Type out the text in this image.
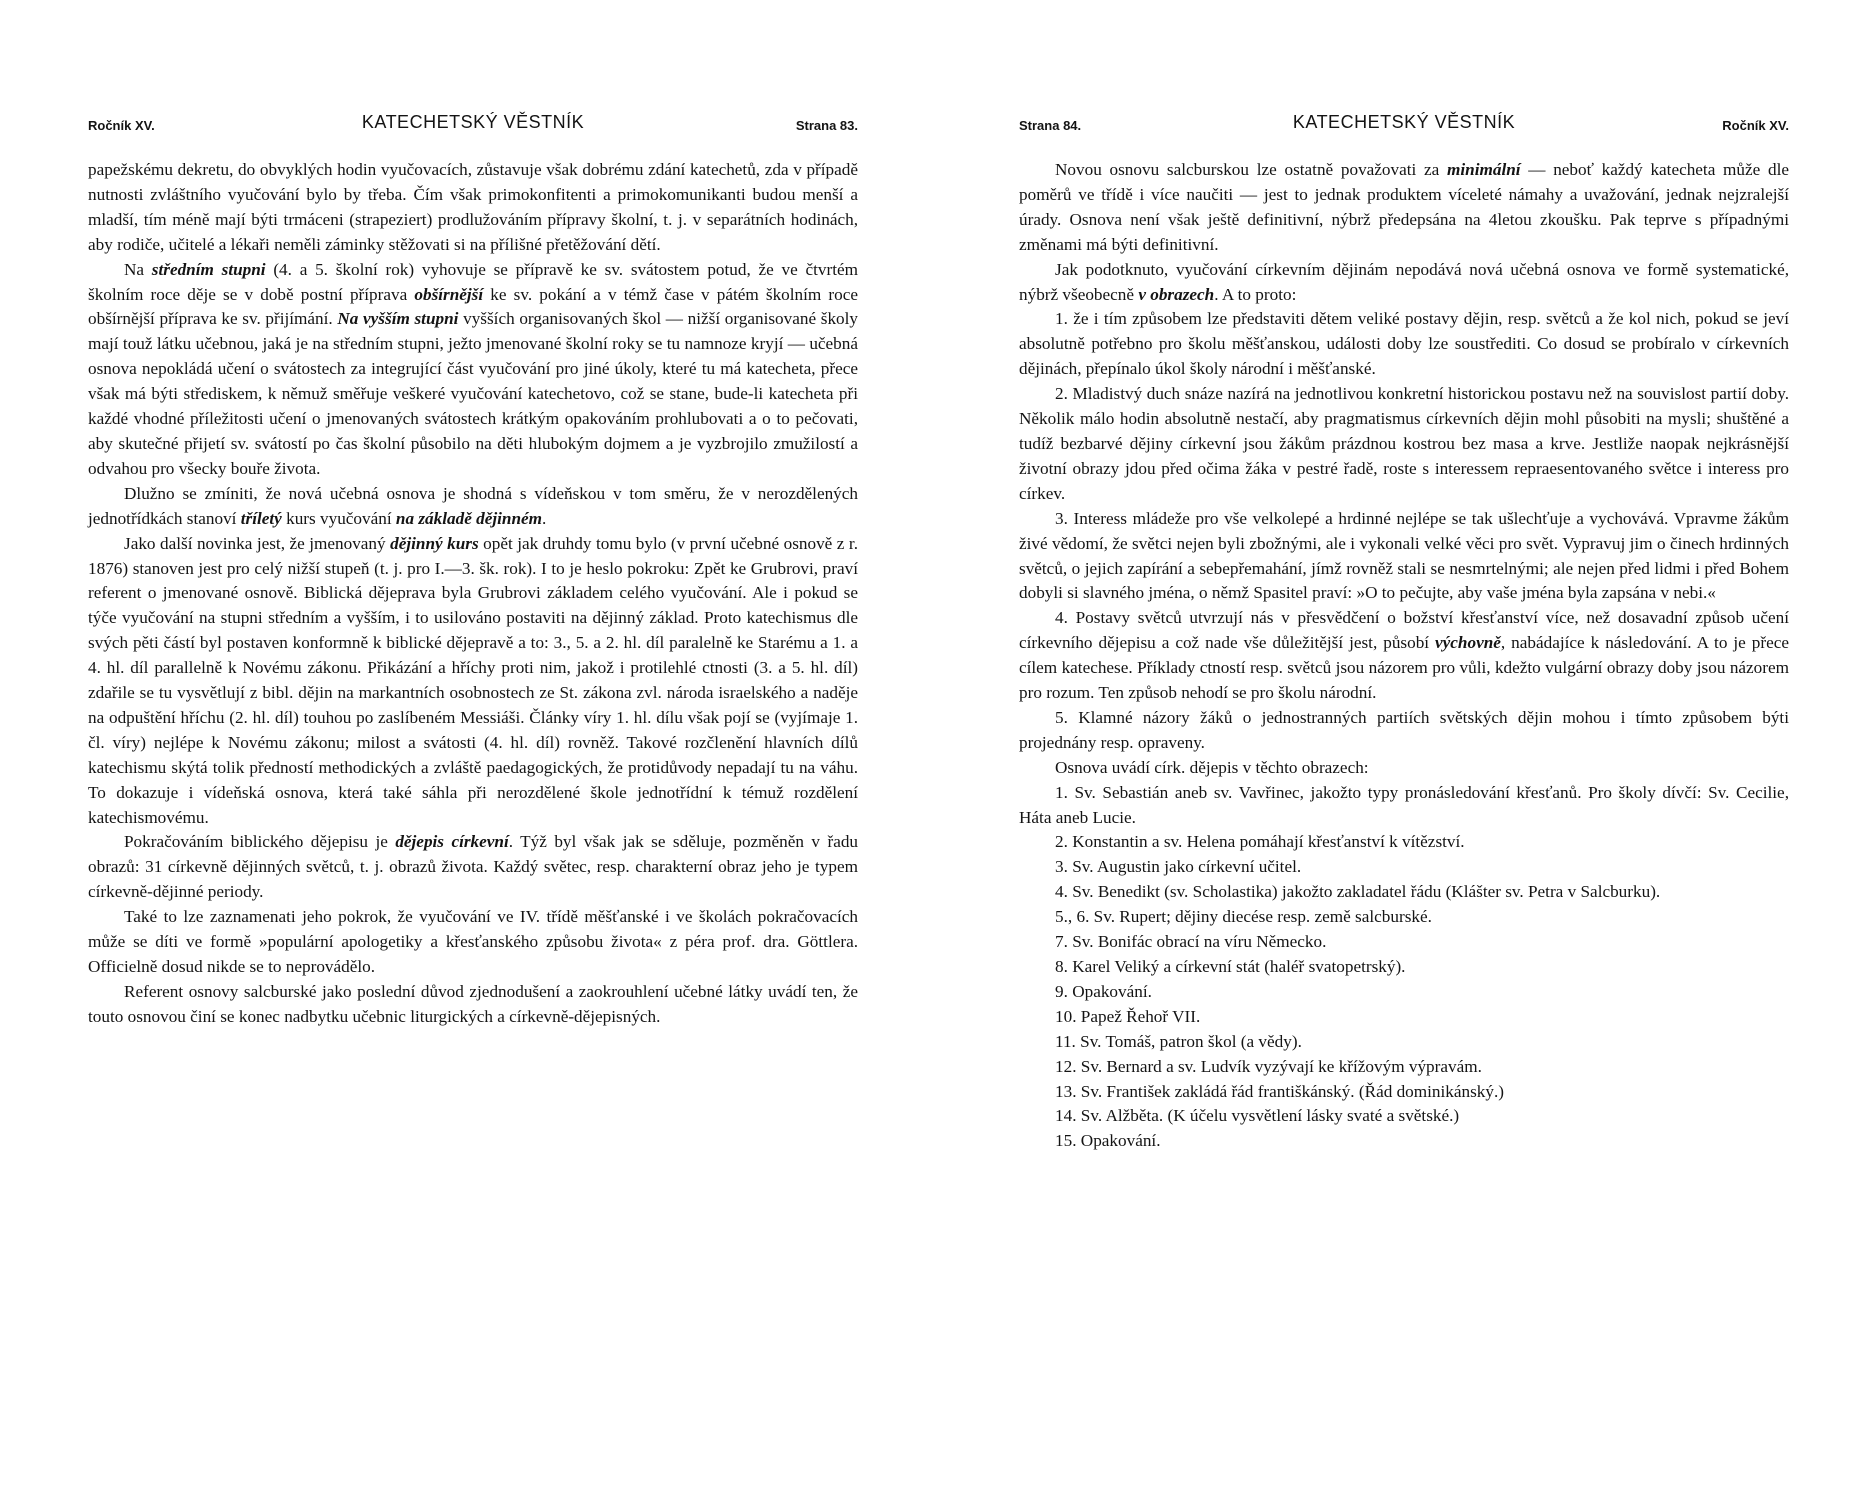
Ročník XV.	KATECHETSKÝ VĚSTNÍK	Strana 83.

papežskému dekretu, do obvyklých hodin vyučovacích, zůstavuje však dobrému zdání katechetů, zda v případě nutnosti zvláštního vyučování bylo by třeba. Čím však primokonfitenti a primokomunikanti budou menší a mladší, tím méně mají býti trmáceni (strapeziert) prodlužováním přípravy školní, t. j. v separátních hodinách, aby rodiče, učitelé a lékaři neměli záminky stěžovati si na přílišné přetěžování dětí.

Na středním stupni (4. a 5. školní rok) vyhovuje se přípravě ke sv. svátostem potud, že ve čtvrtém školním roce děje se v době postní příprava obšírnější ke sv. pokání a v témž čase v pátém školním roce obšírnější příprava ke sv. přijímání. Na vyšším stupni vyšších organisovaných škol — nižší organisované školy mají touž látku učebnou, jaká je na středním stupni, ježto jmenované školní roky se tu namnoze kryjí — učebná osnova nepokládá učení o svátostech za integrující část vyučování pro jiné úkoly, které tu má katecheta, přece však má býti střediskem, k němuž směřuje veškeré vyučování katechetovo, což se stane, bude-li katecheta při každé vhodné příležitosti učení o jmenovaných svátostech krátkým opakováním prohlubovati a o to pečovati, aby skutečné přijetí sv. svátostí po čas školní působilo na děti hlubokým dojmem a je vyzbrojilo zmužilostí a odvahou pro všecky bouře života.

Dlužno se zmíniti, že nová učebná osnova je shodná s vídeňskou v tom směru, že v nerozdělených jednotřídkách stanoví tříletý kurs vyučování na základě dějinném.

Jako další novinka jest, že jmenovaný dějinný kurs opět jak druhdy tomu bylo (v první učebné osnově z r. 1876) stanoven jest pro celý nižší stupeň (t. j. pro I.—3. šk. rok). I to je heslo pokroku: Zpět ke Grubrovi, praví referent o jmenované osnově. Biblická dějeprava byla Grubrovi základem celého vyučování. Ale i pokud se týče vyučování na stupni středním a vyšším, i to usilováno postaviti na dějinný základ. Proto katechismus dle svých pěti částí byl postaven konformně k biblické dějepravě a to: 3., 5. a 2. hl. díl paralelně ke Starému a 1. a 4. hl. díl parallelně k Novému zákonu. Přikázání a hříchy proti nim, jakož i protilehlé ctnosti (3. a 5. hl. díl) zdařile se tu vysvětlují z bibl. dějin na markantních osobnostech ze St. zákona zvl. národa israelského a naděje na odpuštění hříchu (2. hl. díl) touhou po zaslíbeném Messiáši. Články víry 1. hl. dílu však pojí se (vyjímaje 1. čl. víry) nejlépe k Novému zákonu; milost a svátosti (4. hl. díl) rovněž. Takové rozčlenění hlavních dílů katechismu skýtá tolik předností methodických a zvláště paedagogických, že protidůvody nepadají tu na váhu. To dokazuje i vídeňská osnova, která také sáhla při nerozdělené škole jednotřídní k témuž rozdělení katechismovému.

Pokračováním biblického dějepisu je dějepis církevní. Týž byl však jak se sděluje, pozměněn v řadu obrazů: 31 církevně dějinných světců, t. j. obrazů života. Každý světec, resp. charakterní obraz jeho je typem církevně-dějinné periody.

Také to lze zaznamenati jeho pokrok, že vyučování ve IV. třídě měšťanské i ve školách pokračovacích může se díti ve formě »populární apologetiky a křesťanského způsobu života« z péra prof. dra. Göttlera. Officielně dosud nikde se to neprovádělo.

Referent osnovy salcburské jako poslední důvod zjednodušení a zaokrouhlení učebné látky uvádí ten, že touto osnovou činí se konec nadbytku učebnic liturgických a církevně-dějepisných.

Strana 84.	KATECHETSKÝ VĚSTNÍK	Ročník XV.

Novou osnovu salcburskou lze ostatně považovati za minimální — neboť každý katecheta může dle poměrů ve třídě i více naučiti — jest to jednak produktem víceleté námahy a uvažování, jednak nejzralejší úrady. Osnova není však ještě definitivní, nýbrž předepsána na 4letou zkoušku. Pak teprve s případnými změnami má býti definitivní.

Jak podotknuto, vyučování církevním dějinám nepodává nová učebná osnova ve formě systematické, nýbrž všeobecně v obrazech. A to proto:

1. že i tím způsobem lze představiti dětem veliké postavy dějin, resp. světců a že kol nich, pokud se jeví absolutně potřebno pro školu měšťanskou, události doby lze soustřediti. Co dosud se probíralo v církevních dějinách, přepínalo úkol školy národní i měšťanské.

2. Mladistvý duch snáze nazírá na jednotlivou konkretní historickou postavu než na souvislost partií doby. Několik málo hodin absolutně nestačí, aby pragmatismus církevních dějin mohl působiti na mysli; shuštěné a tudíž bezbarvé dějiny církevní jsou žákům prázdnou kostrou bez masa a krve. Jestliže naopak nejkrásnější životní obrazy jdou před očima žáka v pestré řadě, roste s interessem repraesentovaného světce i interess pro církev.

3. Interess mládeže pro vše velkolepé a hrdinné nejlépe se tak ušlechťuje a vychovává. Vpravme žákům živé vědomí, že světci nejen byli zbožnými, ale i vykonali velké věci pro svět. Vypravuj jim o činech hrdinných světců, o jejich zapírání a sebepřemahání, jímž rovněž stali se nesmrtelnými; ale nejen před lidmi i před Bohem dobyli si slavného jména, o němž Spasitel praví: »O to pečujte, aby vaše jména byla zapsána v nebi.«

4. Postavy světců utvrzují nás v přesvědčení o božství křesťanství více, než dosavadní způsob učení církevního dějepisu a což nade vše důležitější jest, působí výchovně, nabádajíce k následování. A to je přece cílem katechese. Příklady ctností resp. světců jsou názorem pro vůli, kdežto vulgární obrazy doby jsou názorem pro rozum. Ten způsob nehodí se pro školu národní.

5. Klamné názory žáků o jednostranných partiích světských dějin mohou i tímto způsobem býti projednány resp. opraveny.

Osnova uvádí círk. dějepis v těchto obrazech:

1. Sv. Sebastián aneb sv. Vavřinec, jakožto typy pronásledování křesťanů. Pro školy dívčí: Sv. Cecilie, Háta aneb Lucie.

2. Konstantin a sv. Helena pomáhají křesťanství k vítězství.

3. Sv. Augustin jako církevní učitel.

4. Sv. Benedikt (sv. Scholastika) jakožto zakladatel řádu (Klášter sv. Petra v Salcburku).

5., 6. Sv. Rupert; dějiny diecése resp. země salcburské.

7. Sv. Bonifác obrací na víru Německo.

8. Karel Veliký a církevní stát (haléř svatopetrský).

9. Opakování.

10. Papež Řehoř VII.

11. Sv. Tomáš, patron škol (a vědy).

12. Sv. Bernard a sv. Ludvík vyzývají ke křížovým výpravám.

13. Sv. František zakládá řád františkánský. (Řád dominikánský.)

14. Sv. Alžběta. (K účelu vysvětlení lásky svaté a světské.)

15. Opakování.
